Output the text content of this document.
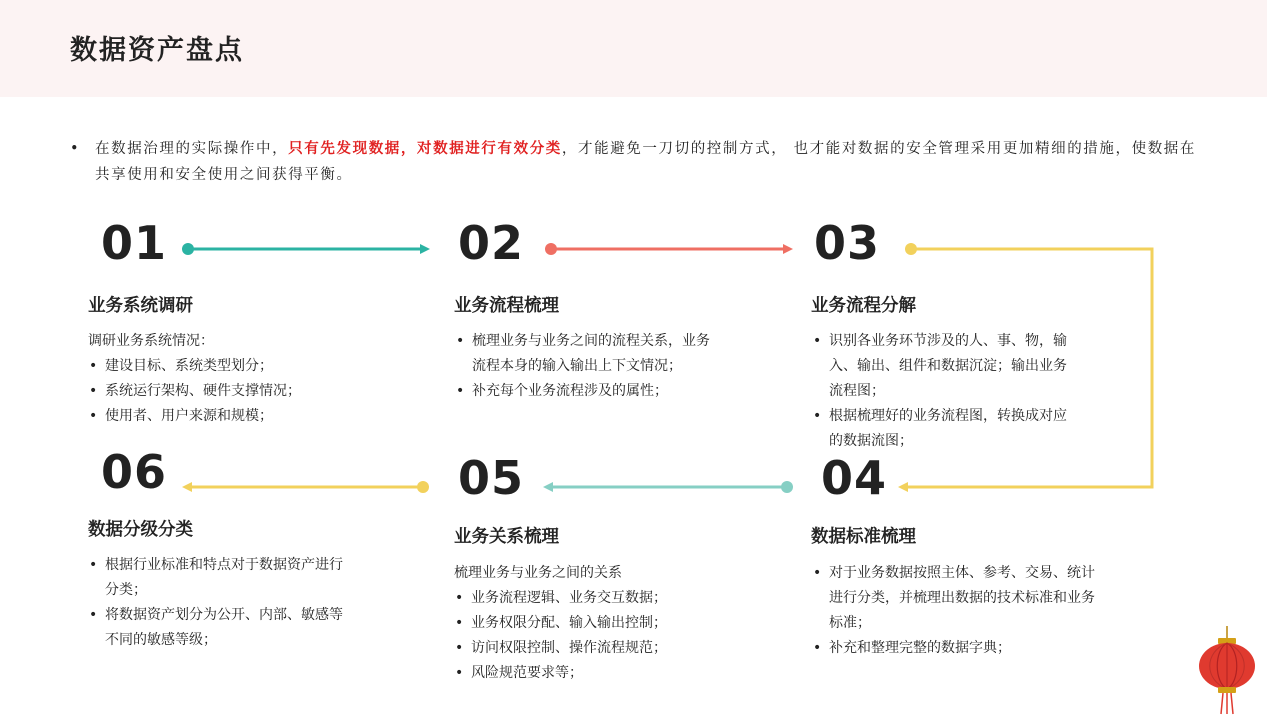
数据资产盘点
• 在数据治理的实际操作中，只有先发现数据，对数据进行有效分类，才能避免一刀切的控制方式， 也才能对数据的安全管理采用更加精细的措施，使数据在共享使用和安全使用之间获得平衡。
01
业务系统调研
调研业务系统情况：
• 建设目标、系统类型划分；
• 系统运行架构、硬件支撑情况；
• 使用者、用户来源和规模；
02
业务流程梳理
• 梳理业务与业务之间的流程关系，业务流程本身的输入输出上下文情况；
• 补充每个业务流程涉及的属性；
03
业务流程分解
• 识别各业务环节涉及的人、事、物，输入、输出、组件和数据沉淀；输出业务流程图；
• 根据梳理好的业务流程图，转换成对应的数据流图；
04
数据标准梳理
• 对于业务数据按照主体、参考、交易、统计进行分类，并梳理出数据的技术标准和业务标准；
• 补充和整理完整的数据字典；
05
业务关系梳理
梳理业务与业务之间的关系
• 业务流程逻辑、业务交互数据；
• 业务权限分配、输入输出控制；
• 访问权限控制、操作流程规范；
• 风险规范要求等；
06
数据分级分类
• 根据行业标准和特点对于数据资产进行分类；
• 将数据资产划分为公开、内部、敏感等不同的敏感等级；
